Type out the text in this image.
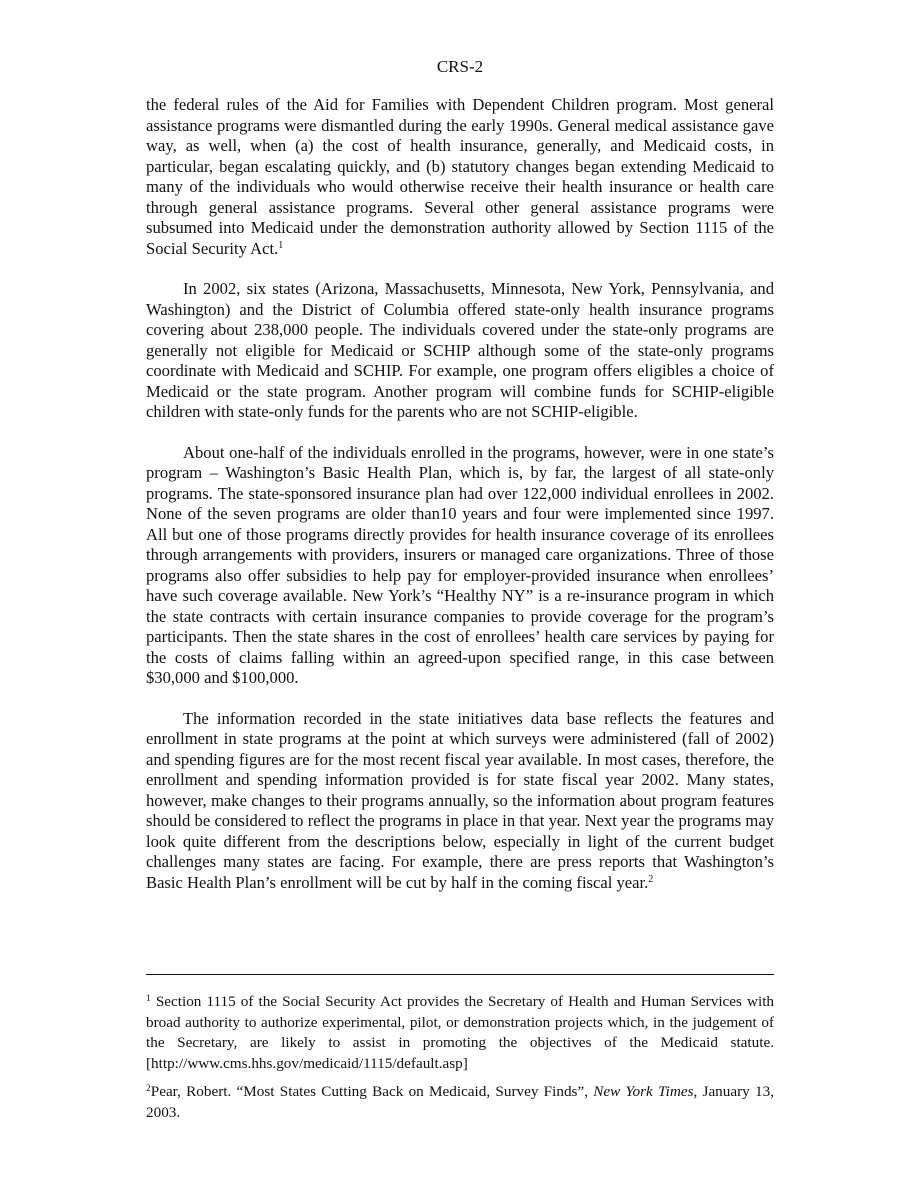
CRS-2

the federal rules of the Aid for Families with Dependent Children program. Most general assistance programs were dismantled during the early 1990s. General medical assistance gave way, as well, when (a) the cost of health insurance, generally, and Medicaid costs, in particular, began escalating quickly, and (b) statutory changes began extending Medicaid to many of the individuals who would otherwise receive their health insurance or health care through general assistance programs. Several other general assistance programs were subsumed into Medicaid under the demonstration authority allowed by Section 1115 of the Social Security Act.$^1$

In 2002, six states (Arizona, Massachusetts, Minnesota, New York, Pennsylvania, and Washington) and the District of Columbia offered state-only health insurance programs covering about 238,000 people. The individuals covered under the state-only programs are generally not eligible for Medicaid or SCHIP although some of the state-only programs coordinate with Medicaid and SCHIP. For example, one program offers eligibles a choice of Medicaid or the state program. Another program will combine funds for SCHIP-eligible children with state-only funds for the parents who are not SCHIP-eligible.

About one-half of the individuals enrolled in the programs, however, were in one state’s program – Washington’s Basic Health Plan, which is, by far, the largest of all state-only programs. The state-sponsored insurance plan had over 122,000 individual enrollees in 2002. None of the seven programs are older than10 years and four were implemented since 1997. All but one of those programs directly provides for health insurance coverage of its enrollees through arrangements with providers, insurers or managed care organizations. Three of those programs also offer subsidies to help pay for employer-provided insurance when enrollees’ have such coverage available. New York’s “Healthy NY” is a re-insurance program in which the state contracts with certain insurance companies to provide coverage for the program’s participants. Then the state shares in the cost of enrollees’ health care services by paying for the costs of claims falling within an agreed-upon specified range, in this case between $30,000 and $100,000.

The information recorded in the state initiatives data base reflects the features and enrollment in state programs at the point at which surveys were administered (fall of 2002) and spending figures are for the most recent fiscal year available. In most cases, therefore, the enrollment and spending information provided is for state fiscal year 2002. Many states, however, make changes to their programs annually, so the information about program features should be considered to reflect the programs in place in that year. Next year the programs may look quite different from the descriptions below, especially in light of the current budget challenges many states are facing. For example, there are press reports that Washington’s Basic Health Plan’s enrollment will be cut by half in the coming fiscal year.$^2$

$^1$ Section 1115 of the Social Security Act provides the Secretary of Health and Human Services with broad authority to authorize experimental, pilot, or demonstration projects which, in the judgement of the Secretary, are likely to assist in promoting the objectives of the Medicaid statute. [http://www.cms.hhs.gov/medicaid/1115/default.asp]

$^2$Pear, Robert. “Most States Cutting Back on Medicaid, Survey Finds”, New York Times, January 13, 2003.
